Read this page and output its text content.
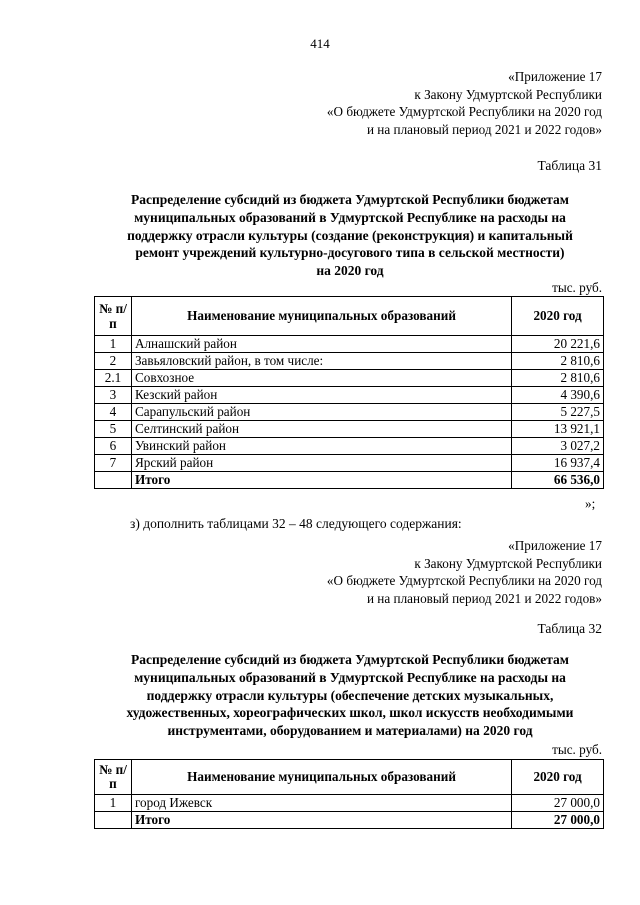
414
«Приложение 17
к Закону Удмуртской Республики
«О бюджете Удмуртской Республики на 2020 год
и на плановый период 2021 и 2022 годов»
Таблица 31
Распределение субсидий из бюджета Удмуртской Республики бюджетам
муниципальных образований в Удмуртской Республике на расходы на
поддержку отрасли культуры (создание (реконструкция) и капитальный
ремонт учреждений культурно-досугового типа в сельской местности)
на 2020 год
тыс. руб.
№ п/п	Наименование муниципальных образований	2020 год
1	Алнашский район	20 221,6
2	Завьяловский район, в том числе:	2 810,6
2.1	Совхозное	2 810,6
3	Кезский район	4 390,6
4	Сарапульский район	5 227,5
5	Селтинский район	13 921,1
6	Увинский район	3 027,2
7	Ярский район	16 937,4
	Итого	66 536,0
»;
з) дополнить таблицами 32 – 48 следующего содержания:
«Приложение 17
к Закону Удмуртской Республики
«О бюджете Удмуртской Республики на 2020 год
и на плановый период 2021 и 2022 годов»
Таблица 32
Распределение субсидий из бюджета Удмуртской Республики бюджетам
муниципальных образований в Удмуртской Республике на расходы на
поддержку отрасли культуры (обеспечение детских музыкальных,
художественных, хореографических школ, школ искусств необходимыми
инструментами, оборудованием и материалами) на 2020 год
тыс. руб.
№ п/п	Наименование муниципальных образований	2020 год
1	город Ижевск	27 000,0
	Итого	27 000,0
